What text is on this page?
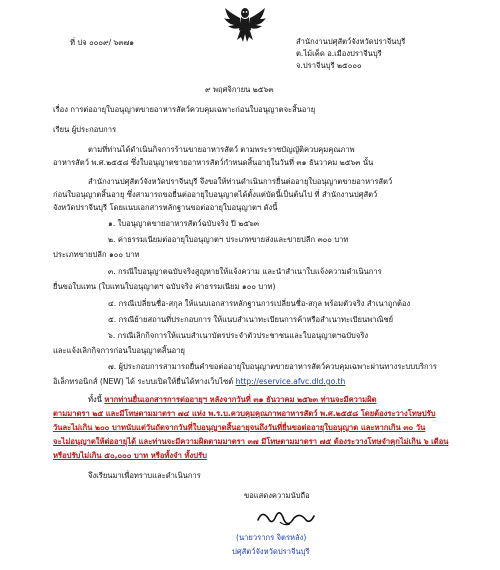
ที่ ปจ ๐๐๐๙/ ๖๓๗๑	สำนักงานปศุสัตว์จังหวัดปราจีนบุรี
ต.ไม้เค็ด อ.เมืองปราจีนบุรี
จ.ปราจีนบุรี ๒๕๐๐๐
๙ พฤศจิกายน ๒๕๖๓
เรื่อง การต่ออายุใบอนุญาตขายอาหารสัตว์ควบคุมเฉพาะก่อนใบอนุญาตจะสิ้นอายุ
เรียน ผู้ประกอบการ
ตามที่ท่านได้ดำเนินกิจการร้านขายอาหารสัตว์ ตามพระราชบัญญัติควบคุมคุณภาพ
อาหารสัตว์ พ.ศ.๒๕๕๘ ซึ่งใบอนุญาตขายอาหารสัตว์กำหนดสิ้นอายุในวันที่ ๓๑ ธันวาคม ๒๕๖๓ นั้น
สำนักงานปศุสัตว์จังหวัดปราจีนบุรี จึงขอให้ท่านดำเนินการยื่นต่ออายุใบอนุญาตขายอาหารสัตว์
ก่อนใบอนุญาตสิ้นอายุ ซึ่งสามารถขอยื่นต่ออายุใบอนุญาตได้ตั้งแต่บัดนี้เป็นต้นไป ที่ สำนักงานปศุสัตว์
จังหวัดปราจีนบุรี โดยแนบเอกสารหลักฐานขอต่ออายุใบอนุญาตฯ ดังนี้
๑. ใบอนุญาตขายอาหารสัตว์ฉบับจริง ปี ๒๕๖๓
๒. ค่าธรรมเนียมต่ออายุใบอนุญาตฯ ประเภทขายส่งและขายปลีก ๓๐๐ บาท
ประเภทขายปลีก ๑๐๐ บาท
๓. กรณีใบอนุญาตฉบับจริงสูญหายให้แจ้งความ และนำสำเนาใบแจ้งความดำเนินการ
ยื่นขอใบแทน (ใบแทนใบอนุญาตฯ ฉบับจริง ค่าธรรมเนียม ๑๐๐ บาท)
๔. กรณีเปลี่ยนชื่อ-สกุล ให้แนบเอกสารหลักฐานการเปลี่ยนชื่อ-สกุล พร้อมตัวจริง สำเนาถูกต้อง
๕. กรณีย้ายสถานที่ประกอบการ ให้แนบสำเนาทะเบียนการค้าหรือสำเนาทะเบียนพาณิชย์
๖. กรณีเลิกกิจการให้แนบสำเนาบัตรประจำตัวประชาชนและใบอนุญาตฯฉบับจริง
และแจ้งเลิกกิจการก่อนใบอนุญาตสิ้นอายุ
๗. ผู้ประกอบการสามารถยื่นคำขอต่ออายุใบอนุญาตขายอาหารสัตว์ควบคุมเฉพาะผ่านทางระบบบริการ
อิเล็กทรอนิกส์ (NEW) ได้ ระบบเปิดให้ยื่นได้ทางเว็บไซต์ http://eservice.afvc.dld.go.th
ทั้งนี้ หากท่านยื่นเอกสารการต่ออายุฯ หลังจากวันที่ ๓๑ ธันวาคม ๒๕๖๓ ท่านจะมีความผิด
ตามมาตรา ๒๕ และมีโทษตามมาตรา ๗๔ แห่ง พ.ร.บ.ควบคุมคุณภาพอาหารสัตว์ พ.ศ.๒๕๕๘ โดยต้องระวางโทษปรับ
วันละไม่เกิน ๒๐๐ บาทนับแต่วันถัดจากวันที่ใบอนุญาตสิ้นอายุจนถึงวันที่ยื่นขอต่ออายุใบอนุญาต และหากเกิน ๓๐ วัน
จะไม่อนุญาตให้ต่ออายุได้ และท่านจะมีความผิดตามมาตรา ๓๗ มีโทษตามมาตรา ๗๕ ต้องระวางโทษจำคุกไม่เกิน ๖ เดือน
หรือปรับไม่เกิน ๕๐,๐๐๐ บาท หรือทั้งจำ ทั้งปรับ
จึงเรียนมาเพื่อทราบและดำเนินการ
ขอแสดงความนับถือ
(นายวรากร จิตรหลัง)
ปศุสัตว์จังหวัดปราจีนบุรี
